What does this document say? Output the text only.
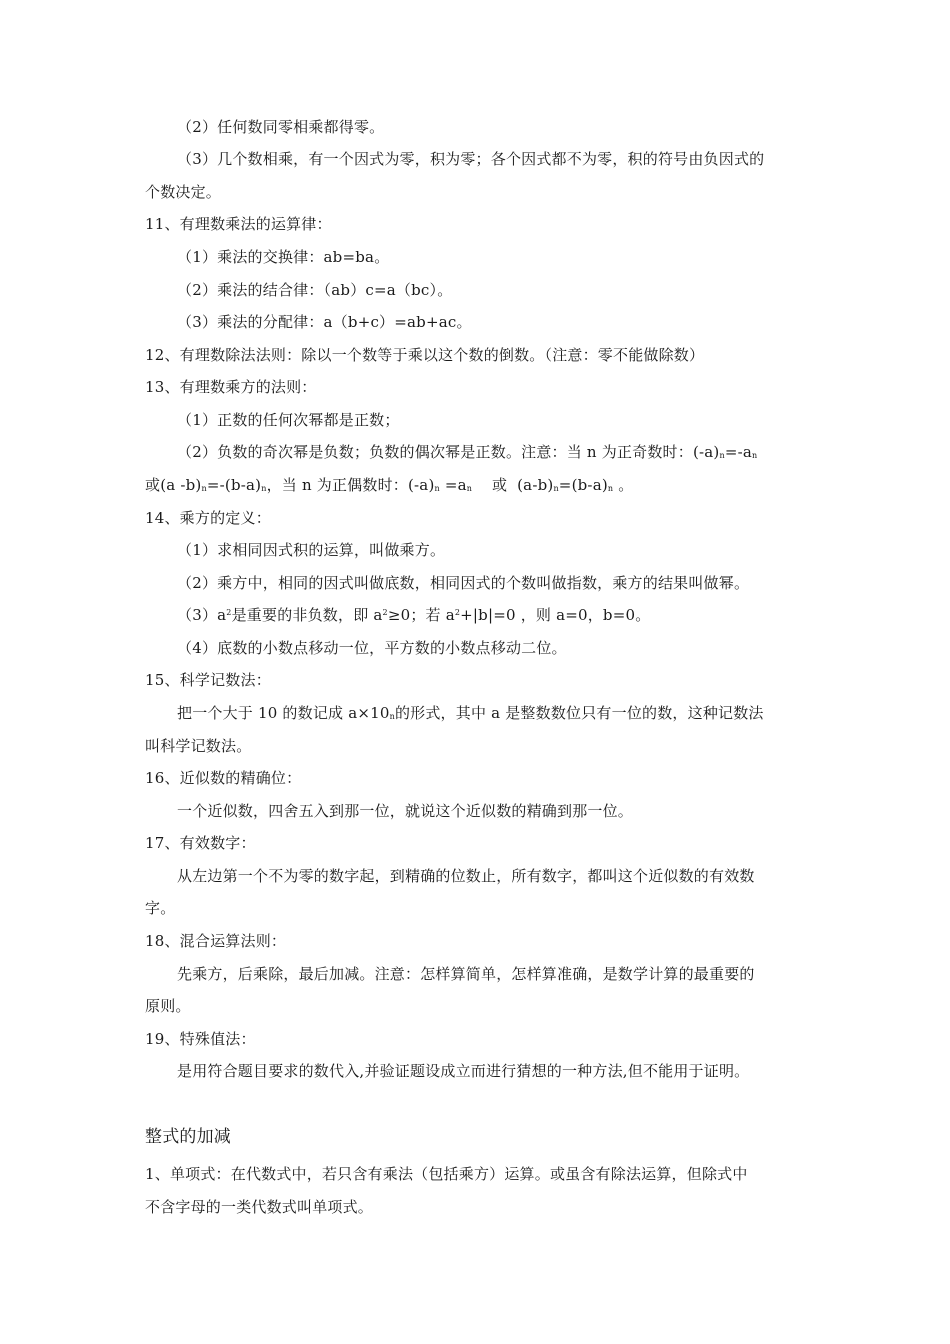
（2）任何数同零相乘都得零。
（3）几个数相乘，有一个因式为零，积为零；各个因式都不为零，积的符号由负因式的
个数决定。
11、有理数乘法的运算律：
（1）乘法的交换律：ab=ba。
（2）乘法的结合律：（ab）c=a（bc）。
（3）乘法的分配律：a（b+c）=ab+ac。
12、有理数除法法则：除以一个数等于乘以这个数的倒数。（注意：零不能做除数）
13、有理数乘方的法则：
（1）正数的任何次幂都是正数；
（2）负数的奇次幂是负数；负数的偶次幂是正数。注意：当 n 为正奇数时：$(-a)_n=-a_n$
或(a $-b)_n=-(b-a)_n$，当 n 为正偶数时：$(-a)_n =a_n$    或  $(a-b)_n=(b-a)_n$ 。
14、乘方的定义：
（1）求相同因式积的运算，叫做乘方。
（2）乘方中，相同的因式叫做底数，相同因式的个数叫做指数，乘方的结果叫做幂。
$(3)a^2$是重要的非负数，即 $a^2\ge 0$；若 $a^2+|b|=0$ ，则 a=0，b=0。
（4）底数的小数点移动一位，平方数的小数点移动二位。
15、科学记数法：
把一个大于 10 的数记成 $a\times 10_n$的形式，其中 a 是整数数位只有一位的数，这种记数法
叫科学记数法。
16、近似数的精确位：
一个近似数，四舍五入到那一位，就说这个近似数的精确到那一位。
17、有效数字：
从左边第一个不为零的数字起，到精确的位数止，所有数字，都叫这个近似数的有效数
字。
18、混合运算法则：
先乘方，后乘除，最后加减。注意：怎样算简单，怎样算准确，是数学计算的最重要的
原则。
19、特殊值法：
是用符合题目要求的数代入,并验证题设成立而进行猜想的一种方法,但不能用于证明。
整式的加减
1、单项式：在代数式中，若只含有乘法（包括乘方）运算。或虽含有除法运算，但除式中
不含字母的一类代数式叫单项式。
